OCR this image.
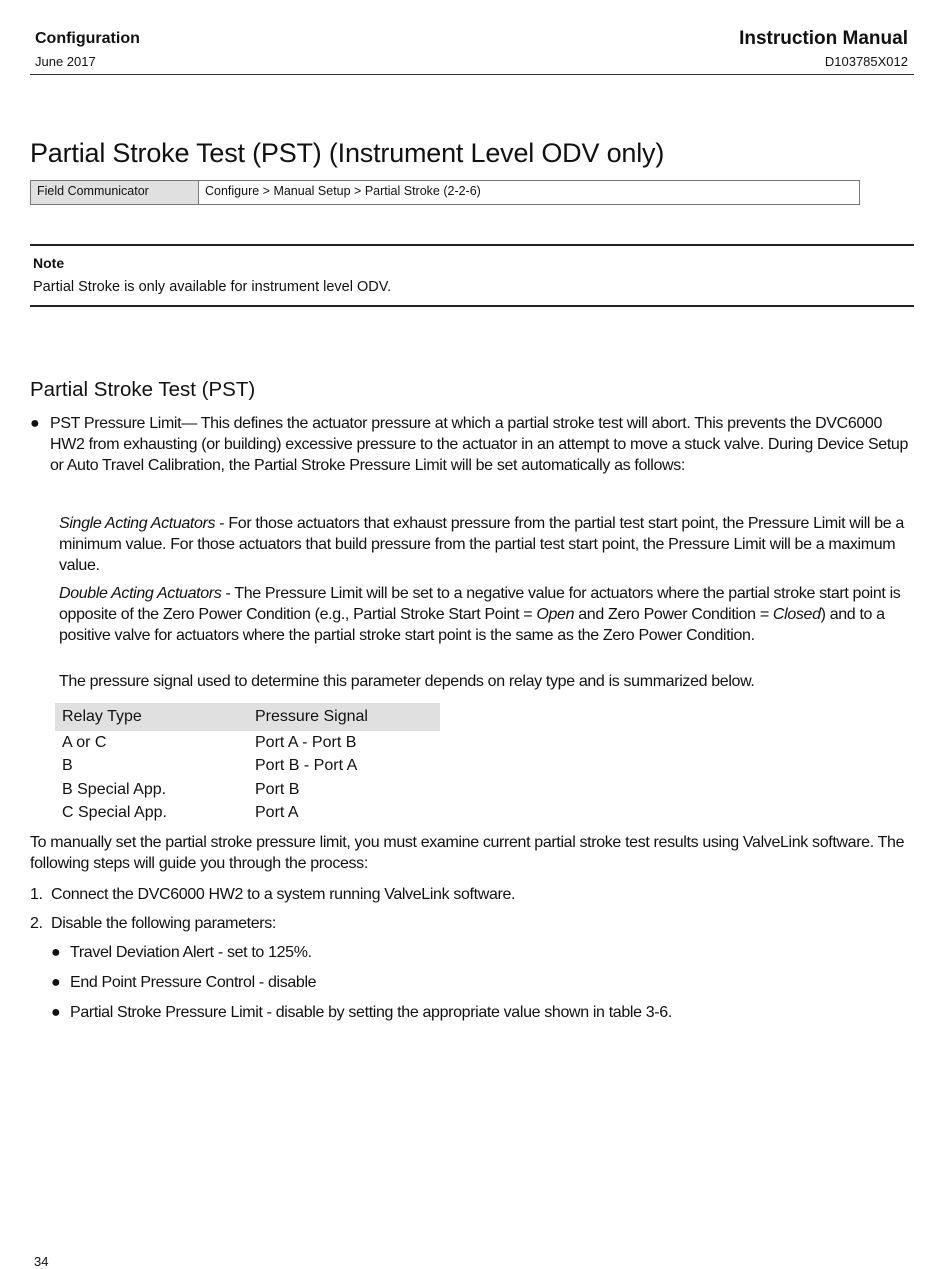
Configuration
June 2017
Instruction Manual
D103785X012
Partial Stroke Test (PST) (Instrument Level ODV only)
Field Communicator	Configure > Manual Setup > Partial Stroke (2-2-6)
Note
Partial Stroke is only available for instrument level ODV.
Partial Stroke Test (PST)
● PST Pressure Limit— This defines the actuator pressure at which a partial stroke test will abort. This prevents the DVC6000 HW2 from exhausting (or building) excessive pressure to the actuator in an attempt to move a stuck valve. During Device Setup or Auto Travel Calibration, the Partial Stroke Pressure Limit will be set automatically as follows:
Single Acting Actuators - For those actuators that exhaust pressure from the partial test start point, the Pressure Limit will be a minimum value. For those actuators that build pressure from the partial test start point, the Pressure Limit will be a maximum value.
Double Acting Actuators - The Pressure Limit will be set to a negative value for actuators where the partial stroke start point is opposite of the Zero Power Condition (e.g., Partial Stroke Start Point = Open and Zero Power Condition = Closed) and to a positive valve for actuators where the partial stroke start point is the same as the Zero Power Condition.
The pressure signal used to determine this parameter depends on relay type and is summarized below.
Relay Type	Pressure Signal
A or C	Port A - Port B
B	Port B - Port A
B Special App.	Port B
C Special App.	Port A
To manually set the partial stroke pressure limit, you must examine current partial stroke test results using ValveLink software. The following steps will guide you through the process:
1. Connect the DVC6000 HW2 to a system running ValveLink software.
2. Disable the following parameters:
● Travel Deviation Alert - set to 125%.
● End Point Pressure Control - disable
● Partial Stroke Pressure Limit - disable by setting the appropriate value shown in table 3-6.
34
